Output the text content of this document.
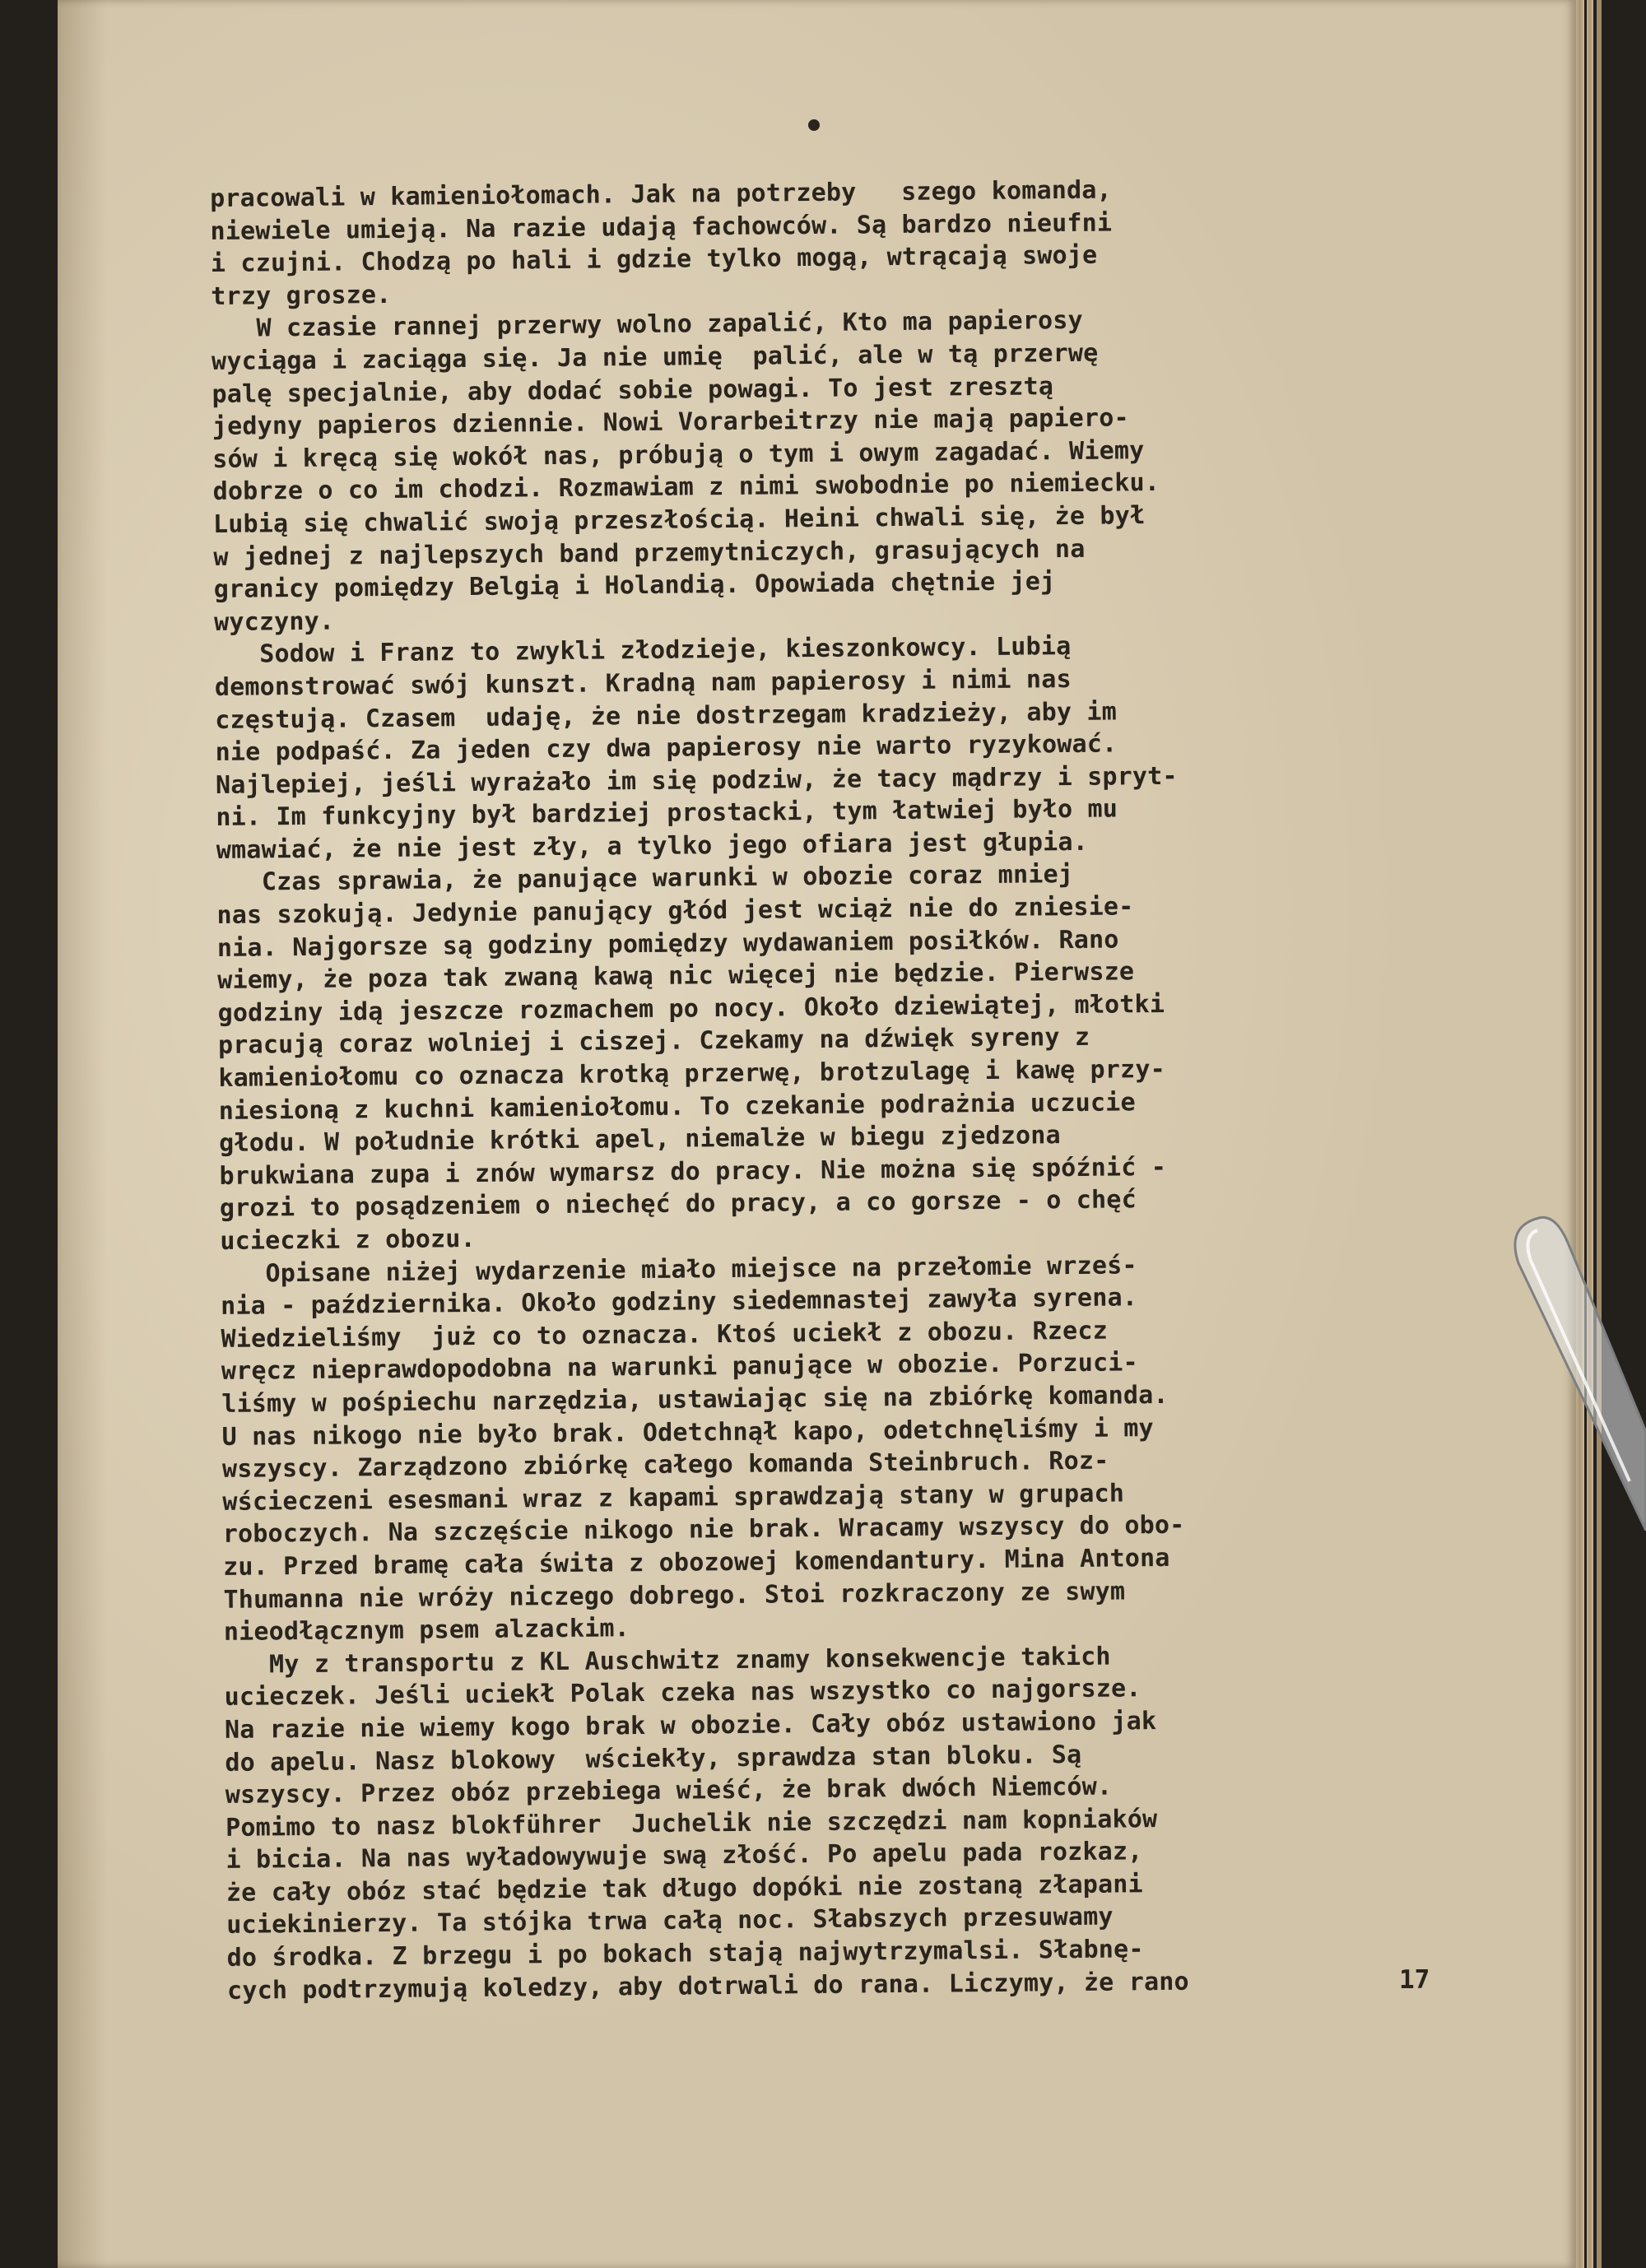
pracowali w kamieniołomach. Jak na potrzeby   szego komanda,
niewiele umieją. Na razie udają fachowców. Są bardzo nieufni
i czujni. Chodzą po hali i gdzie tylko mogą, wtrącają swoje
trzy grosze.
W czasie rannej przerwy wolno zapalić, Kto ma papierosy
wyciąga i zaciąga się. Ja nie umię  palić, ale w tą przerwę
palę specjalnie, aby dodać sobie powagi. To jest zresztą
jedyny papieros dziennie. Nowi Vorarbeitrzy nie mają papiero-
sów i kręcą się wokół nas, próbują o tym i owym zagadać. Wiemy
dobrze o co im chodzi. Rozmawiam z nimi swobodnie po niemiecku.
Lubią się chwalić swoją przeszłością. Heini chwali się, że był
w jednej z najlepszych band przemytniczych, grasujących na
granicy pomiędzy Belgią i Holandią. Opowiada chętnie jej
wyczyny.
Sodow i Franz to zwykli złodzieje, kieszonkowcy. Lubią
demonstrować swój kunszt. Kradną nam papierosy i nimi nas
częstują. Czasem  udaję, że nie dostrzegam kradzieży, aby im
nie podpaść. Za jeden czy dwa papierosy nie warto ryzykować.
Najlepiej, jeśli wyrażało im się podziw, że tacy mądrzy i spryt-
ni. Im funkcyjny był bardziej prostacki, tym łatwiej było mu
wmawiać, że nie jest zły, a tylko jego ofiara jest głupia.
Czas sprawia, że panujące warunki w obozie coraz mniej
nas szokują. Jedynie panujący głód jest wciąż nie do zniesie-
nia. Najgorsze są godziny pomiędzy wydawaniem posiłków. Rano
wiemy, że poza tak zwaną kawą nic więcej nie będzie. Pierwsze
godziny idą jeszcze rozmachem po nocy. Około dziewiątej, młotki
pracują coraz wolniej i ciszej. Czekamy na dźwięk syreny z
kamieniołomu co oznacza krotką przerwę, brotzulagę i kawę przy-
niesioną z kuchni kamieniołomu. To czekanie podrażnia uczucie
głodu. W południe krótki apel, niemalże w biegu zjedzona
brukwiana zupa i znów wymarsz do pracy. Nie można się spóźnić -
grozi to posądzeniem o niechęć do pracy, a co gorsze - o chęć
ucieczki z obozu.
Opisane niżej wydarzenie miało miejsce na przełomie wrześ-
nia - października. Około godziny siedemnastej zawyła syrena.
Wiedzieliśmy  już co to oznacza. Ktoś uciekł z obozu. Rzecz
wręcz nieprawdopodobna na warunki panujące w obozie. Porzuci-
liśmy w pośpiechu narzędzia, ustawiając się na zbiórkę komanda.
U nas nikogo nie było brak. Odetchnął kapo, odetchnęliśmy i my
wszyscy. Zarządzono zbiórkę całego komanda Steinbruch. Roz-
wścieczeni esesmani wraz z kapami sprawdzają stany w grupach
roboczych. Na szczęście nikogo nie brak. Wracamy wszyscy do obo-
zu. Przed bramę cała świta z obozowej komendantury. Mina Antona
Thumanna nie wróży niczego dobrego. Stoi rozkraczony ze swym
nieodłącznym psem alzackim.
My z transportu z KL Auschwitz znamy konsekwencje takich
ucieczek. Jeśli uciekł Polak czeka nas wszystko co najgorsze.
Na razie nie wiemy kogo brak w obozie. Cały obóz ustawiono jak
do apelu. Nasz blokowy  wściekły, sprawdza stan bloku. Są
wszyscy. Przez obóz przebiega wieść, że brak dwóch Niemców.
Pomimo to nasz blokführer  Juchelik nie szczędzi nam kopniaków
i bicia. Na nas wyładowywuje swą złość. Po apelu pada rozkaz,
że cały obóz stać będzie tak długo dopóki nie zostaną złapani
uciekinierzy. Ta stójka trwa całą noc. Słabszych przesuwamy
do środka. Z brzegu i po bokach stają najwytrzymalsi. Słabnę-
cych podtrzymują koledzy, aby dotrwali do rana. Liczymy, że rano	17
